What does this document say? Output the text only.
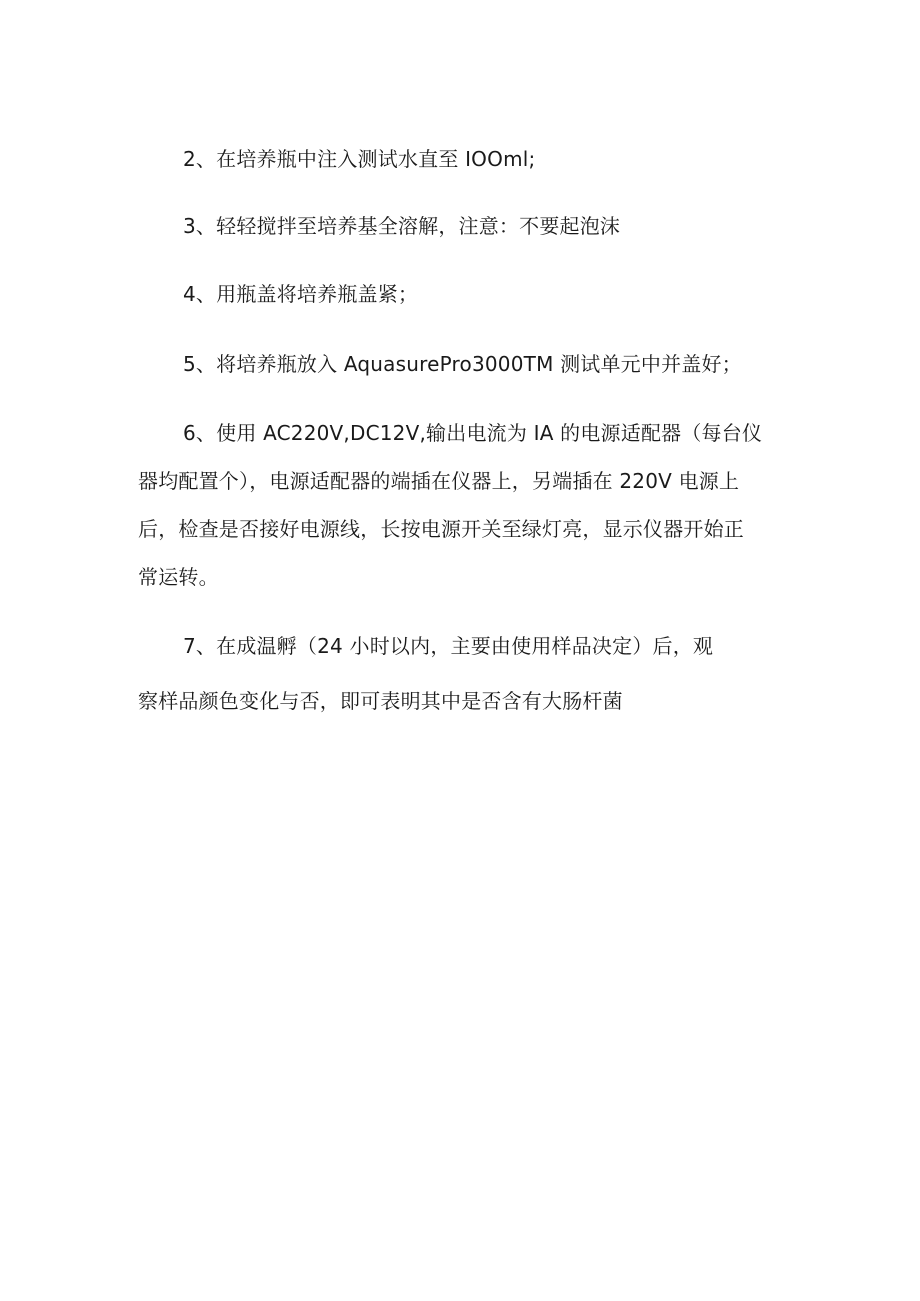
2、在培养瓶中注入测试水直至 IOOml;

3、轻轻搅拌至培养基全溶解，注意：不要起泡沫

4、用瓶盖将培养瓶盖紧；

5、将培养瓶放入 AquasurePro3000TM 测试单元中并盖好；

6、使用 AC220V,DC12V,输出电流为 IA 的电源适配器（每台仪
器均配置个），电源适配器的端插在仪器上，另端插在 220V 电源上
后，检查是否接好电源线，长按电源开关至绿灯亮，显示仪器开始正
常运转。
7、在成温孵（24 小时以内，主要由使用样品决定）后，观
察样品颜色变化与否，即可表明其中是否含有大肠杆菌
